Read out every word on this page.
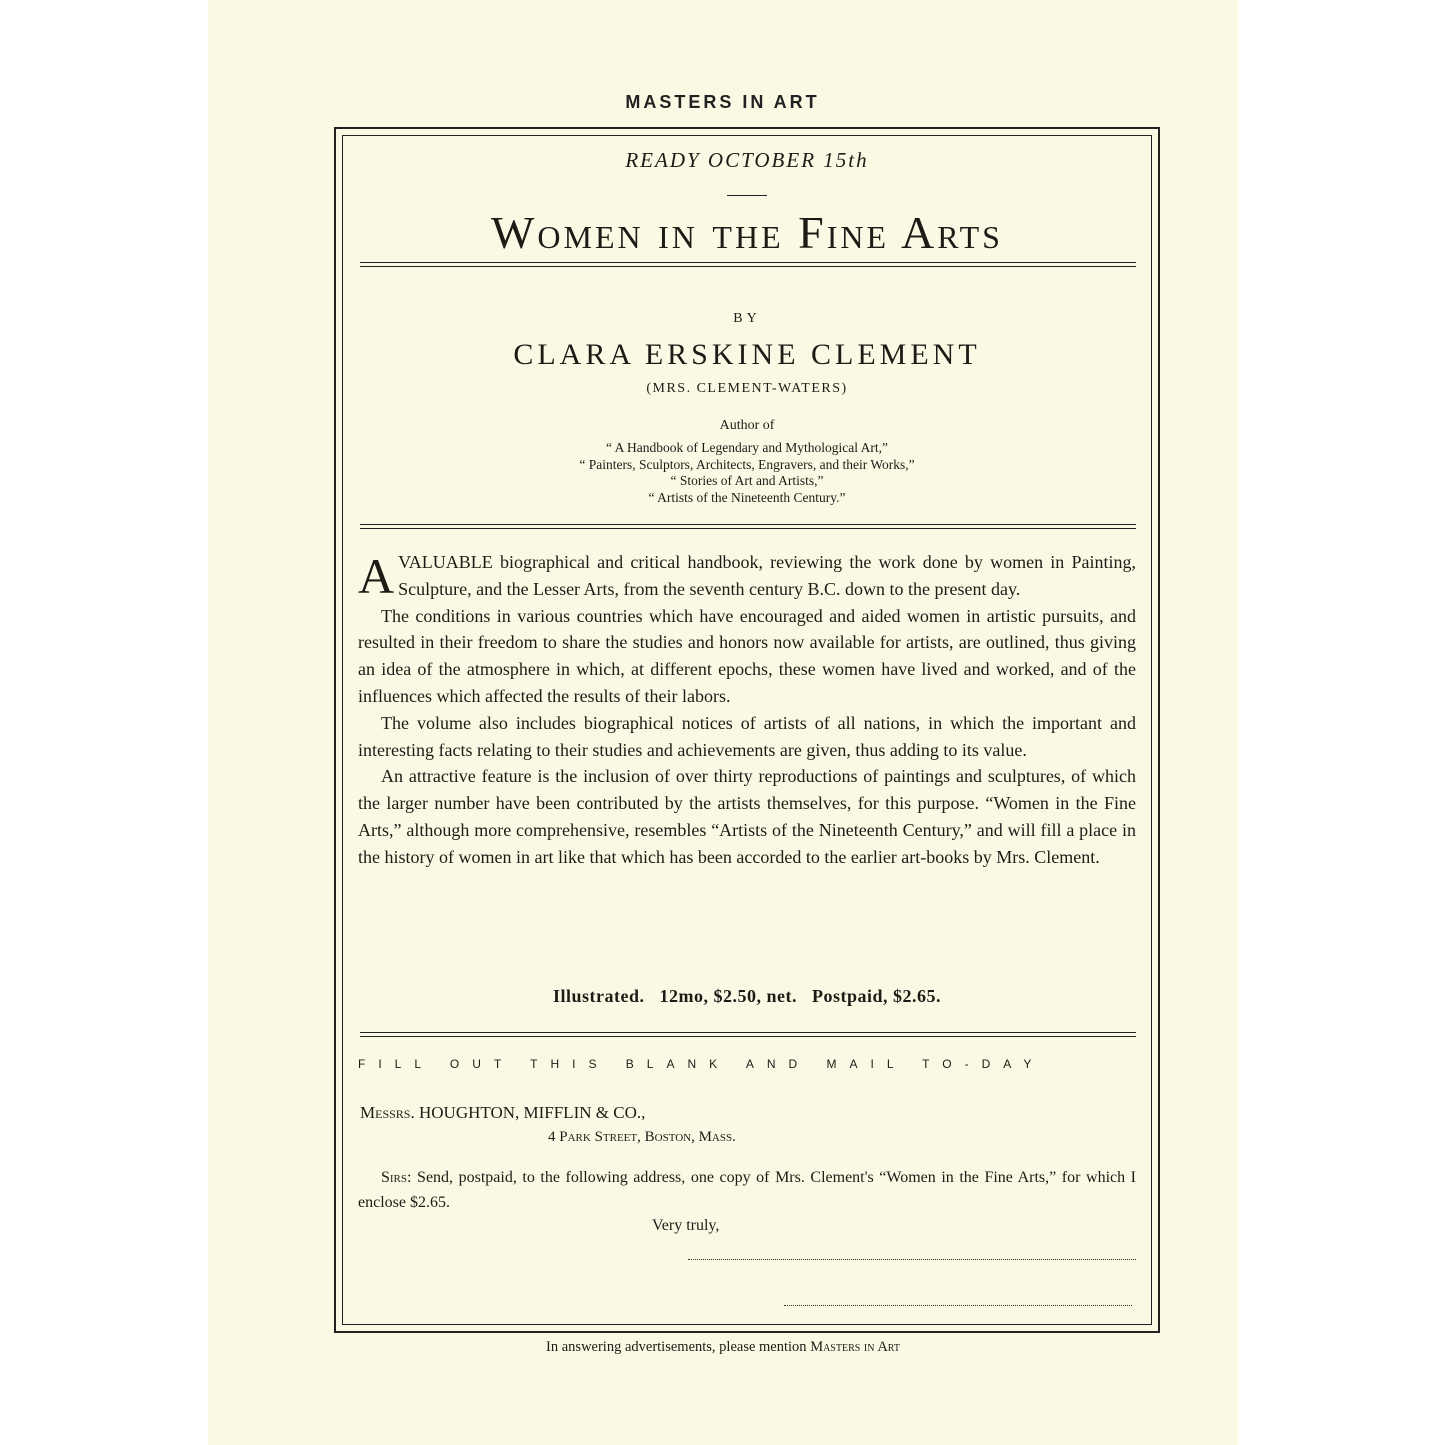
MASTERS IN ART
READY OCTOBER 15th
Women in the Fine Arts
BY
CLARA ERSKINE CLEMENT
(MRS. CLEMENT-WATERS)
Author of
“ A Handbook of Legendary and Mythological Art,”
“ Painters, Sculptors, Architects, Engravers, and their Works,”
“ Stories of Art and Artists,”
“ Artists of the Nineteenth Century.”

AVALUABLE biographical and critical handbook, reviewing the work done by women in Painting, Sculpture, and the Lesser Arts, from the seventh century B.C. down to the present day.

The conditions in various countries which have encouraged and aided women in artistic pursuits, and resulted in their freedom to share the studies and honors now available for artists, are outlined, thus giving an idea of the atmosphere in which, at different epochs, these women have lived and worked, and of the influences which affected the results of their labors.

The volume also includes biographical notices of artists of all nations, in which the important and interesting facts relating to their studies and achievements are given, thus adding to its value.

An attractive feature is the inclusion of over thirty reproductions of paintings and sculptures, of which the larger number have been contributed by the artists themselves, for this purpose. “Women in the Fine Arts,” although more comprehensive, resembles “Artists of the Nineteenth Century,” and will fill a place in the history of women in art like that which has been accorded to the earlier art-books by Mrs. Clement.

Illustrated.   12mo, $2.50, net.   Postpaid, $2.65.
FILL OUT THIS BLANK AND MAIL TO-DAY
Messrs. HOUGHTON, MIFFLIN & CO.,
4 Park Street, Boston, Mass.
Sirs: Send, postpaid, to the following address, one copy of Mrs. Clement's “Women in the Fine Arts,” for which I enclose $2.65.
Very truly,
In answering advertisements, please mention Masters in Art
